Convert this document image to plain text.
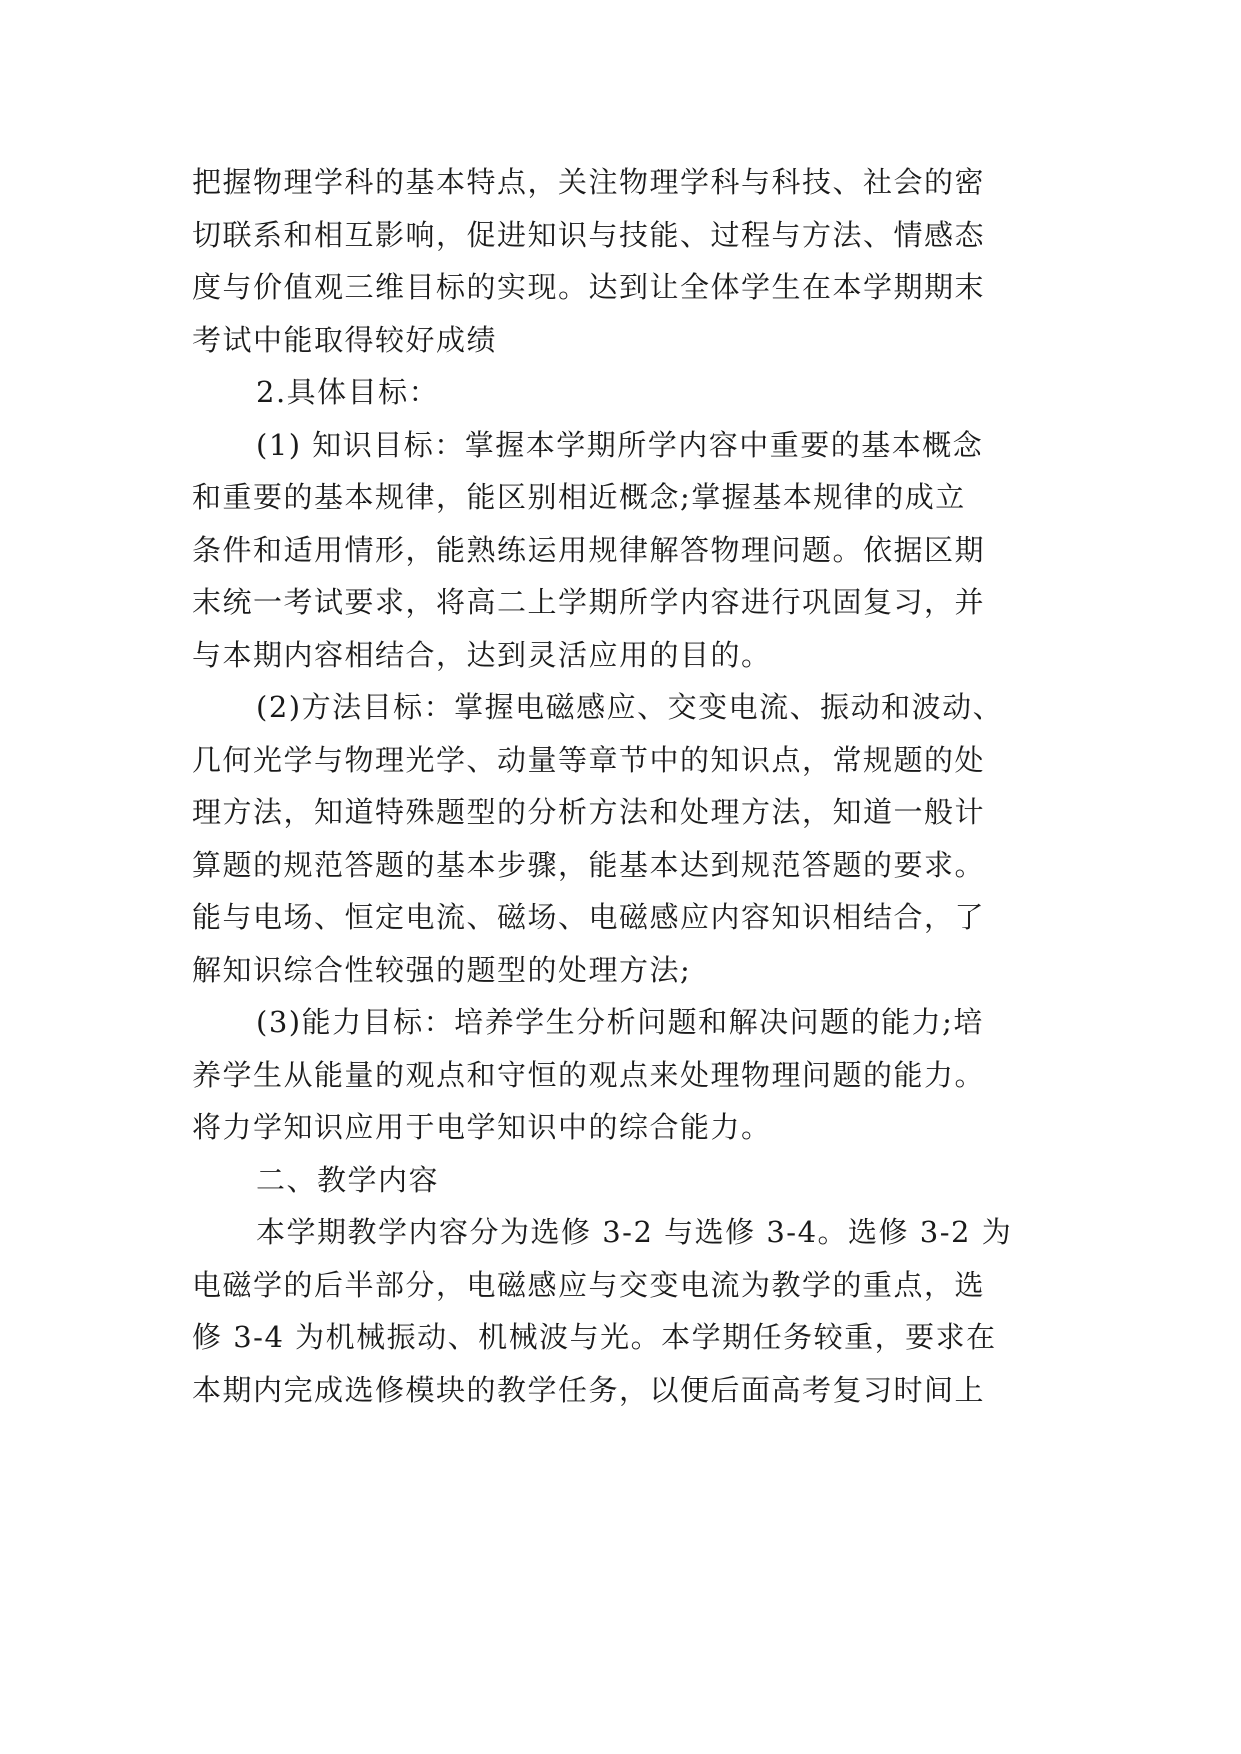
把握物理学科的基本特点，关注物理学科与科技、社会的密
切联系和相互影响，促进知识与技能、过程与方法、情感态
度与价值观三维目标的实现。达到让全体学生在本学期期末
考试中能取得较好成绩
2.具体目标：
(1) 知识目标：掌握本学期所学内容中重要的基本概念
和重要的基本规律，能区别相近概念;掌握基本规律的成立
条件和适用情形，能熟练运用规律解答物理问题。依据区期
末统一考试要求，将高二上学期所学内容进行巩固复习，并
与本期内容相结合，达到灵活应用的目的。
(2)方法目标：掌握电磁感应、交变电流、振动和波动、
几何光学与物理光学、动量等章节中的知识点，常规题的处
理方法，知道特殊题型的分析方法和处理方法，知道一般计
算题的规范答题的基本步骤，能基本达到规范答题的要求。
能与电场、恒定电流、磁场、电磁感应内容知识相结合，了
解知识综合性较强的题型的处理方法;
(3)能力目标：培养学生分析问题和解决问题的能力;培
养学生从能量的观点和守恒的观点来处理物理问题的能力。
将力学知识应用于电学知识中的综合能力。
二、教学内容
本学期教学内容分为选修 3-2 与选修 3-4。选修 3-2 为
电磁学的后半部分，电磁感应与交变电流为教学的重点，选
修 3-4 为机械振动、机械波与光。本学期任务较重，要求在
本期内完成选修模块的教学任务，以便后面高考复习时间上
